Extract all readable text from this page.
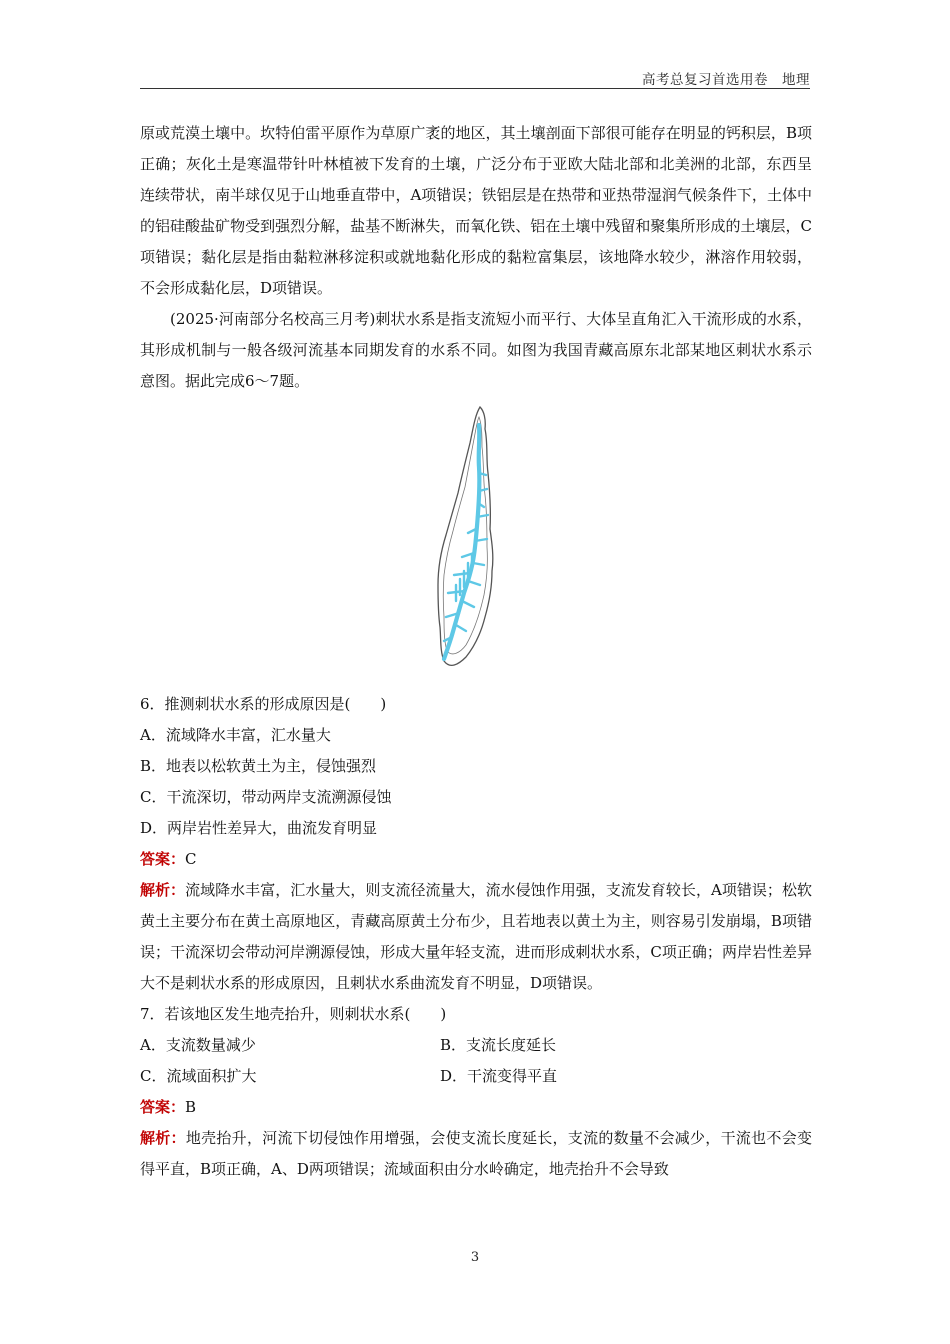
高考总复习首选用卷　地理

原或荒漠土壤中。坎特伯雷平原作为草原广袤的地区，其土壤剖面下部很可能存在明显的钙积层，B项正确；灰化土是寒温带针叶林植被下发育的土壤，广泛分布于亚欧大陆北部和北美洲的北部，东西呈连续带状，南半球仅见于山地垂直带中，A项错误；铁铝层是在热带和亚热带湿润气候条件下，土体中的铝硅酸盐矿物受到强烈分解，盐基不断淋失，而氧化铁、铝在土壤中残留和聚集所形成的土壤层，C项错误；黏化层是指由黏粒淋移淀积或就地黏化形成的黏粒富集层，该地降水较少，淋溶作用较弱，不会形成黏化层，D项错误。

(2025·河南部分名校高三月考)刺状水系是指支流短小而平行、大体呈直角汇入干流形成的水系，其形成机制与一般各级河流基本同期发育的水系不同。如图为我国青藏高原东北部某地区刺状水系示意图。据此完成6～7题。

6．推测刺状水系的形成原因是(　　)

A．流域降水丰富，汇水量大

B．地表以松软黄土为主，侵蚀强烈

C．干流深切，带动两岸支流溯源侵蚀

D．两岸岩性差异大，曲流发育明显

答案：C

解析：流域降水丰富，汇水量大，则支流径流量大，流水侵蚀作用强，支流发育较长，A项错误；松软黄土主要分布在黄土高原地区，青藏高原黄土分布少，且若地表以黄土为主，则容易引发崩塌，B项错误；干流深切会带动河岸溯源侵蚀，形成大量年轻支流，进而形成刺状水系，C项正确；两岸岩性差异大不是刺状水系的形成原因，且刺状水系曲流发育不明显，D项错误。

7．若该地区发生地壳抬升，则刺状水系(　　)

A．支流数量减少	B．支流长度延长
C．流域面积扩大	D．干流变得平直

答案：B

解析：地壳抬升，河流下切侵蚀作用增强，会使支流长度延长，支流的数量不会减少，干流也不会变得平直，B项正确，A、D两项错误；流域面积由分水岭确定，地壳抬升不会导致

3
